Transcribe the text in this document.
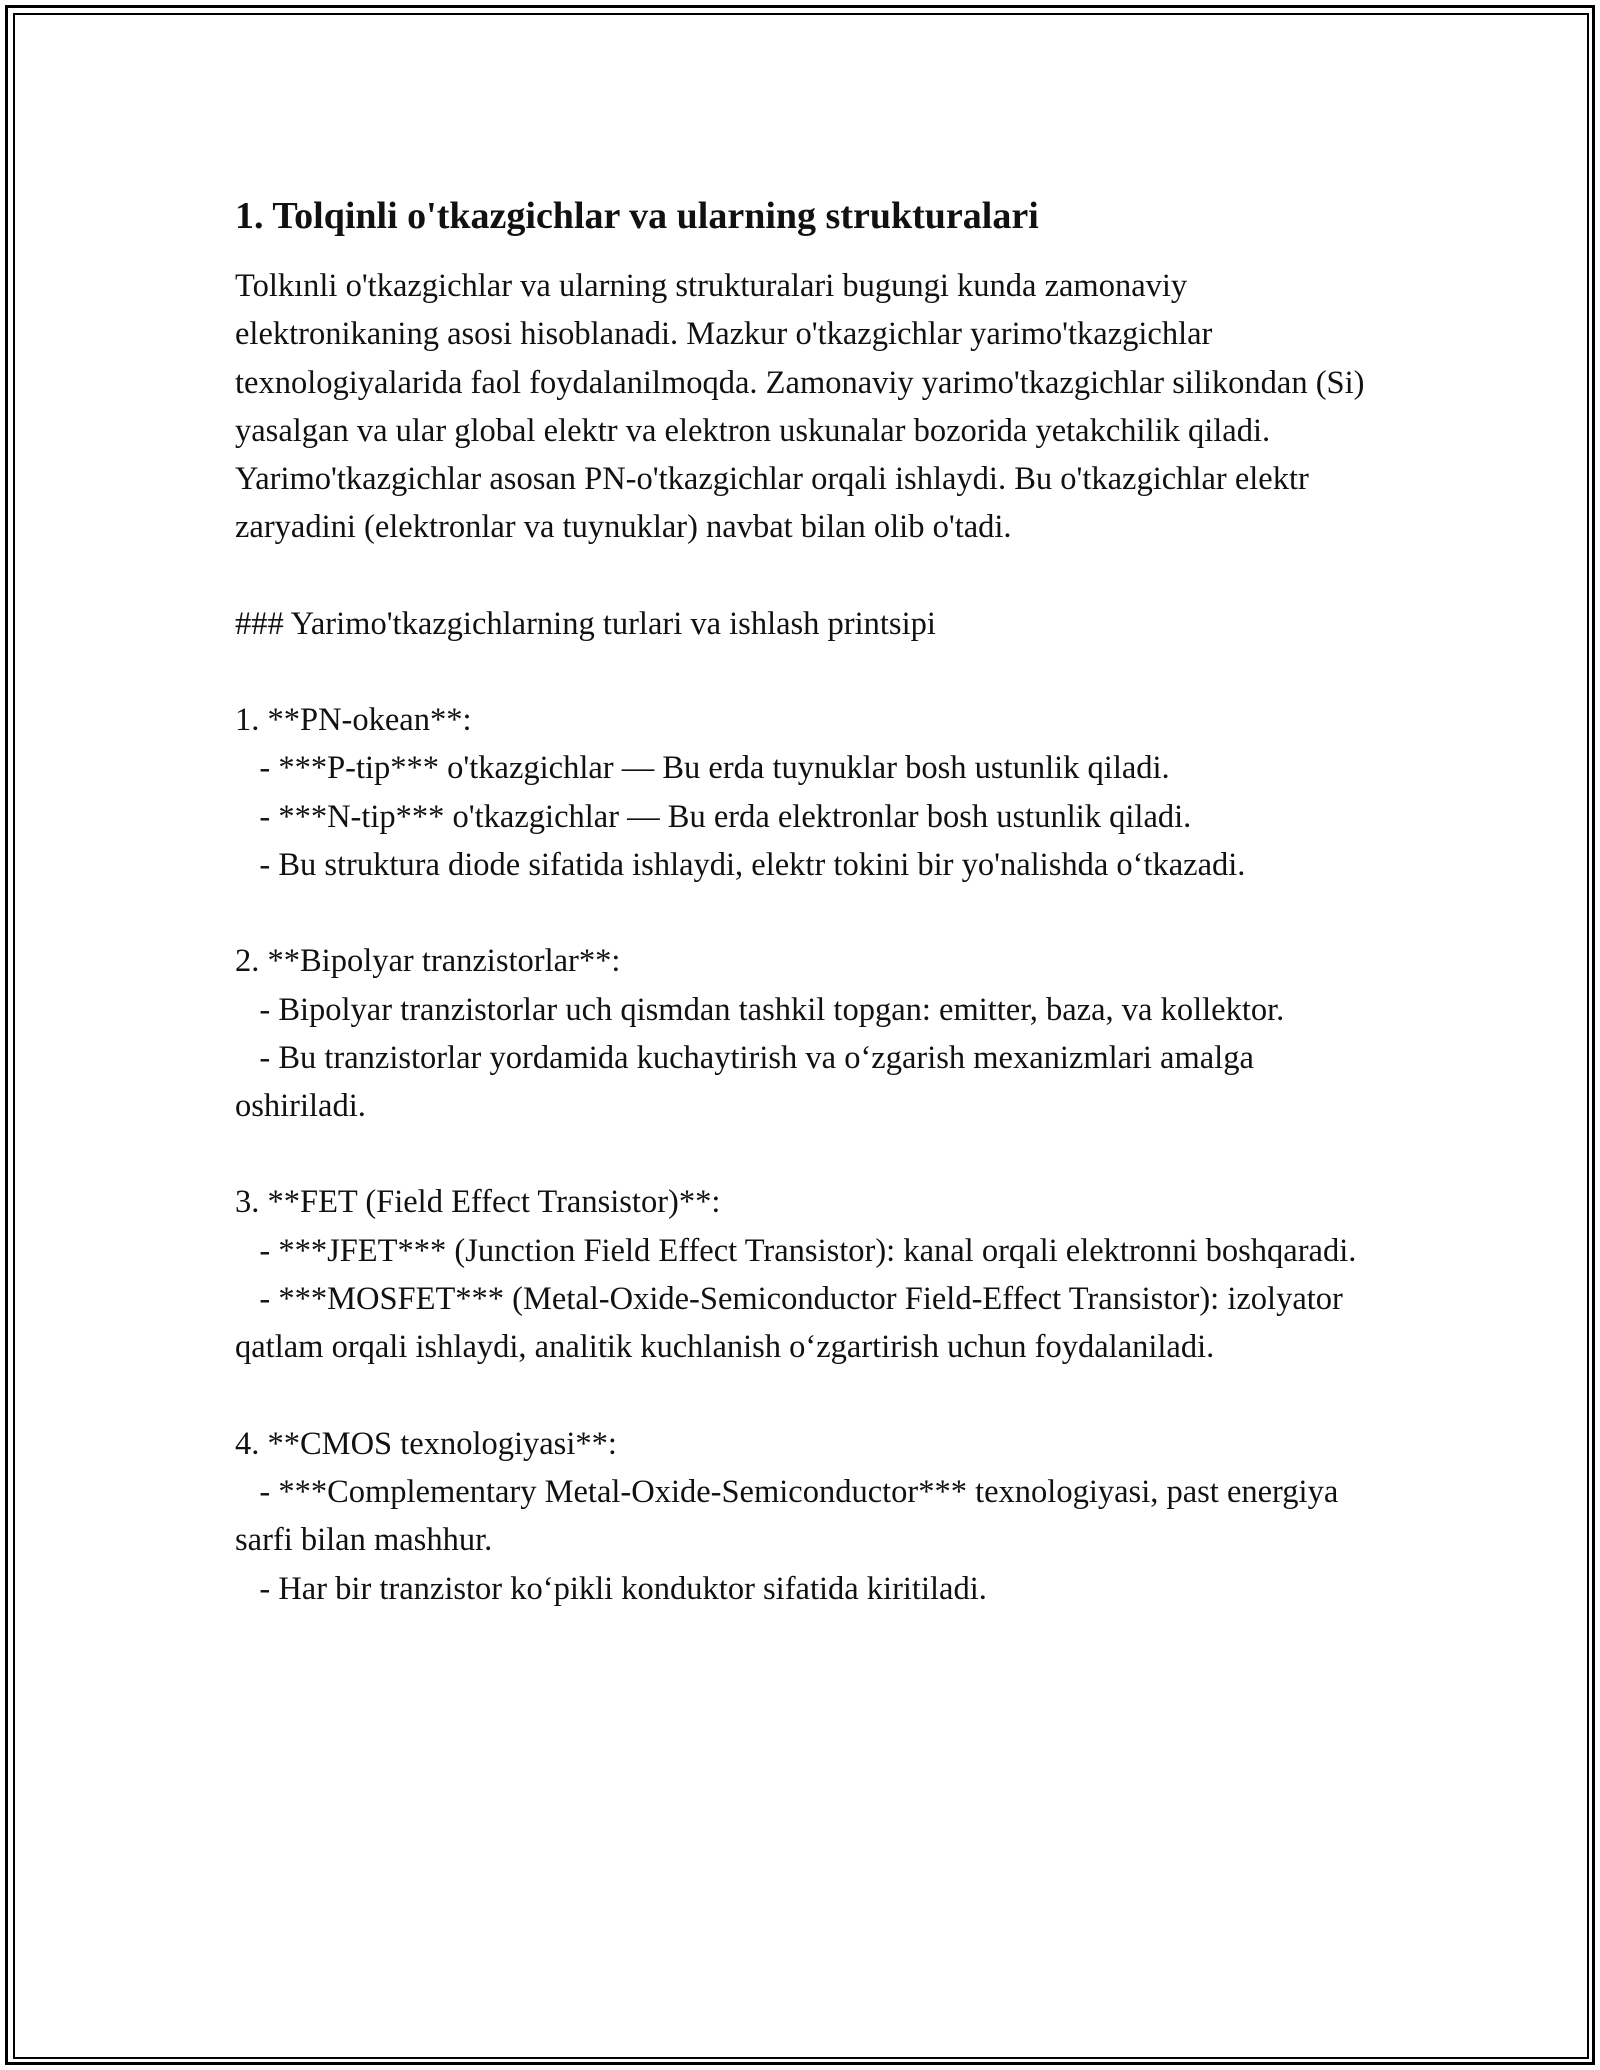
1. Tolqinli o'tkazgichlar va ularning strukturalari

Tolkınli o'tkazgichlar va ularning strukturalari bugungi kunda zamonaviy elektronikaning asosi hisoblanadi. Mazkur o'tkazgichlar yarimo'tkazgichlar texnologiyalarida faol foydalanilmoqda. Zamonaviy yarimo'tkazgichlar silikondan (Si) yasalgan va ular global elektr va elektron uskunalar bozorida yetakchilik qiladi. Yarimo'tkazgichlar asosan PN-o'tkazgichlar orqali ishlaydi. Bu o'tkazgichlar elektr zaryadini (elektronlar va tuynuklar) navbat bilan olib o'tadi.

### Yarimo'tkazgichlarning turlari va ishlash printsipi
1. **PN-okean**:
- ***P-tip*** o'tkazgichlar — Bu erda tuynuklar bosh ustunlik qiladi.
- ***N-tip*** o'tkazgichlar — Bu erda elektronlar bosh ustunlik qiladi.
- Bu struktura diode sifatida ishlaydi, elektr tokini bir yo'nalishda o‘tkazadi.
2. **Bipolyar tranzistorlar**:
- Bipolyar tranzistorlar uch qismdan tashkil topgan: emitter, baza, va kollektor.
- Bu tranzistorlar yordamida kuchaytirish va o‘zgarish mexanizmlari amalga oshiriladi.
3. **FET (Field Effect Transistor)**:
- ***JFET*** (Junction Field Effect Transistor): kanal orqali elektronni boshqaradi.
- ***MOSFET*** (Metal-Oxide-Semiconductor Field-Effect Transistor): izolyator qatlam orqali ishlaydi, analitik kuchlanish o‘zgartirish uchun foydalaniladi.
4. **CMOS texnologiyasi**:
- ***Complementary Metal-Oxide-Semiconductor*** texnologiyasi, past energiya sarfi bilan mashhur.
- Har bir tranzistor ko‘pikli konduktor sifatida kiritiladi.
